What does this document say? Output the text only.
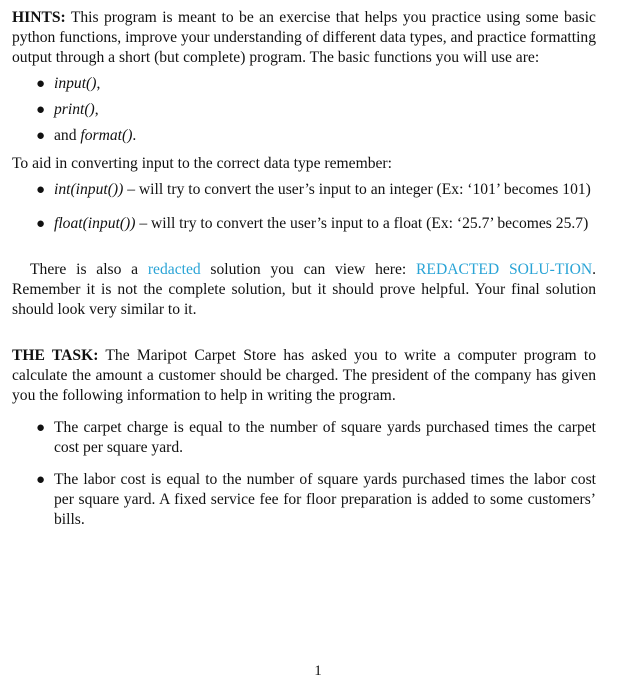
HINTS: This program is meant to be an exercise that helps you practice using some basic python functions, improve your understanding of different data types, and practice formatting output through a short (but complete) program. The basic functions you will use are:

● input(),
● print(),
● and format().

To aid in converting input to the correct data type remember:

● int(input()) – will try to convert the user’s input to an integer (Ex: ‘101’ becomes 101)
● float(input()) – will try to convert the user’s input to a float (Ex: ‘25.7’ becomes 25.7)

There is also a redacted solution you can view here: REDACTED SOLU-TION. Remember it is not the complete solution, but it should prove helpful. Your final solution should look very similar to it.

THE TASK: The Maripot Carpet Store has asked you to write a computer program to calculate the amount a customer should be charged. The president of the company has given you the following information to help in writing the program.

● The carpet charge is equal to the number of square yards purchased times the carpet cost per square yard.
● The labor cost is equal to the number of square yards purchased times the labor cost per square yard. A fixed service fee for floor preparation is added to some customers’ bills.
1
